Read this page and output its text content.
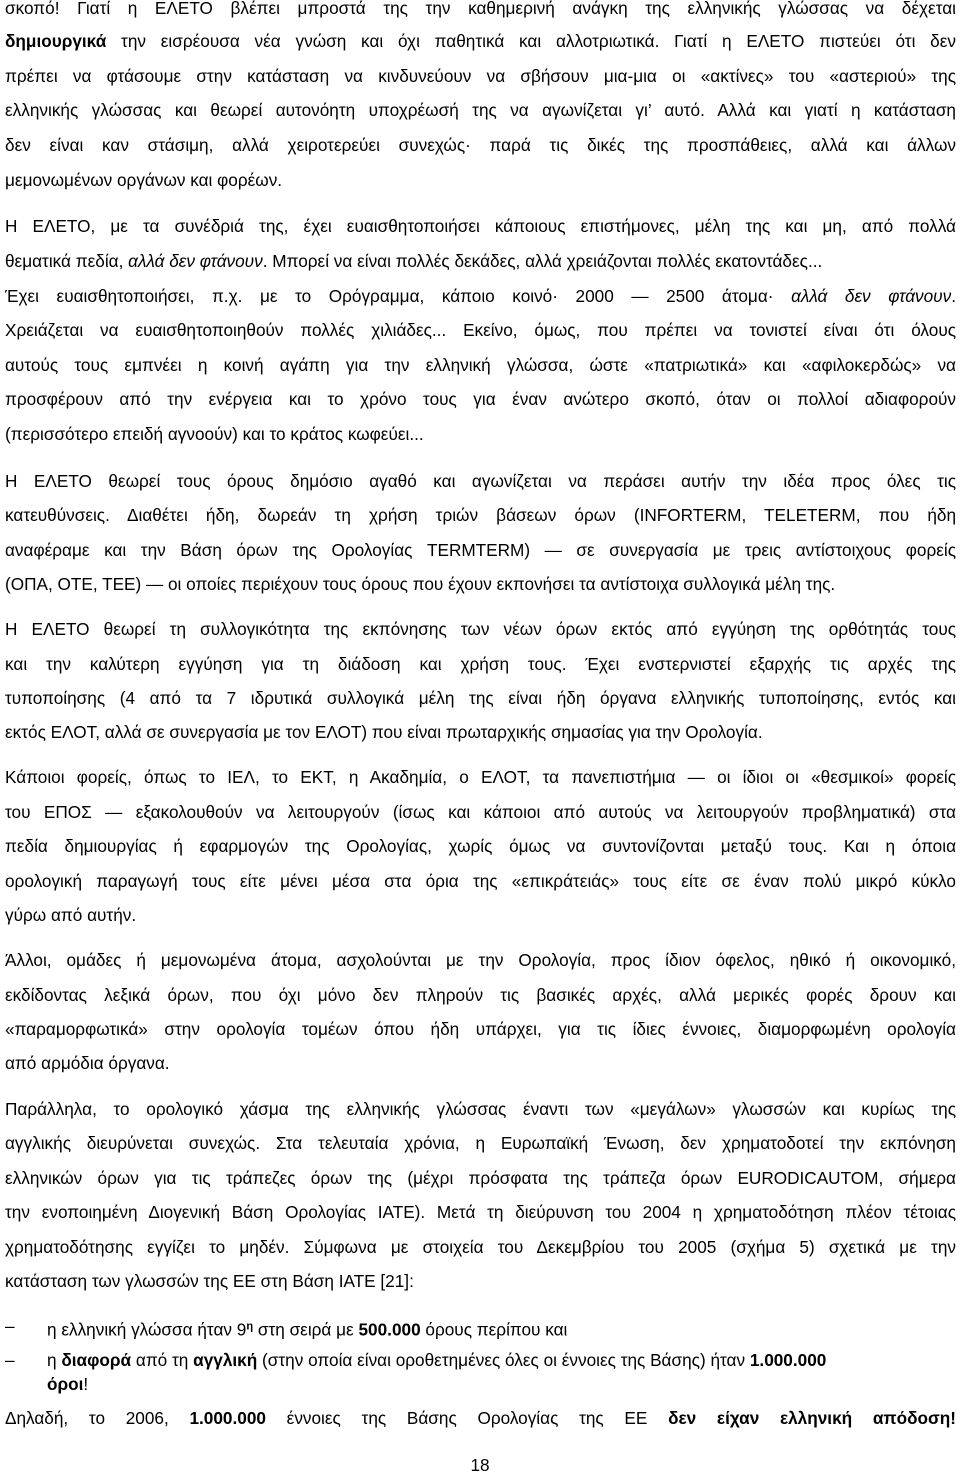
σκοπό! Γιατί η ΕΛΕΤΟ βλέπει μπροστά της την καθημερινή ανάγκη της ελληνικής γλώσσας να δέχεται
δημιουργικά την εισρέουσα νέα γνώση και όχι παθητικά και αλλοτριωτικά. Γιατί η ΕΛΕΤΟ πιστεύει ότι δεν
πρέπει να φτάσουμε στην κατάσταση να κινδυνεύουν να σβήσουν μια-μια οι «ακτίνες» του «αστεριού» της
ελληνικής γλώσσας και θεωρεί αυτονόητη υποχρέωσή της να αγωνίζεται γι’ αυτό. Αλλά και γιατί η κατάσταση
δεν είναι καν στάσιμη, αλλά χειροτερεύει συνεχώς· παρά τις δικές της προσπάθειες, αλλά και άλλων
μεμονωμένων οργάνων και φορέων.
Η ΕΛΕΤΟ, με τα συνέδριά της, έχει ευαισθητοποιήσει κάποιους επιστήμονες, μέλη της και μη, από πολλά
θεματικά πεδία, αλλά δεν φτάνουν. Μπορεί να είναι πολλές δεκάδες, αλλά χρειάζονται πολλές εκατοντάδες...
Έχει ευαισθητοποιήσει, π.χ. με το Ορόγραμμα, κάποιο κοινό· 2000 — 2500 άτομα· αλλά δεν φτάνουν.
Χρειάζεται να ευαισθητοποιηθούν πολλές χιλιάδες... Εκείνο, όμως, που πρέπει να τονιστεί είναι ότι όλους
αυτούς τους εμπνέει η κοινή αγάπη για την ελληνική γλώσσα, ώστε «πατριωτικά» και «αφιλοκερδώς» να
προσφέρουν από την ενέργεια και το χρόνο τους για έναν ανώτερο σκοπό, όταν οι πολλοί αδιαφορούν
(περισσότερο επειδή αγνοούν) και το κράτος κωφεύει...
Η ΕΛΕΤΟ θεωρεί τους όρους δημόσιο αγαθό και αγωνίζεται να περάσει αυτήν την ιδέα προς όλες τις
κατευθύνσεις. Διαθέτει ήδη, δωρεάν τη χρήση τριών βάσεων όρων (INFORTERM, TELETERM, που ήδη
αναφέραμε και την Βάση όρων της Ορολογίας TERMTERM) — σε συνεργασία με τρεις αντίστοιχους φορείς
(ΟΠΑ, ΟΤΕ, ΤΕΕ) — οι οποίες περιέχουν τους όρους που έχουν εκπονήσει τα αντίστοιχα συλλογικά μέλη της.
Η ΕΛΕΤΟ θεωρεί τη συλλογικότητα της εκπόνησης των νέων όρων εκτός από εγγύηση της ορθότητάς τους
και την καλύτερη εγγύηση για τη διάδοση και χρήση τους. Έχει ενστερνιστεί εξαρχής τις αρχές της
τυποποίησης (4 από τα 7 ιδρυτικά συλλογικά μέλη της είναι ήδη όργανα ελληνικής τυποποίησης, εντός και
εκτός ΕΛΟΤ, αλλά σε συνεργασία με τον ΕΛΟΤ) που είναι πρωταρχικής σημασίας για την Ορολογία.
Κάποιοι φορείς, όπως το ΙΕΛ, το ΕΚΤ, η Ακαδημία, ο ΕΛΟΤ, τα πανεπιστήμια — οι ίδιοι οι «θεσμικοί» φορείς
του ΕΠΟΣ — εξακολουθούν να λειτουργούν (ίσως και κάποιοι από αυτούς να λειτουργούν προβληματικά) στα
πεδία δημιουργίας ή εφαρμογών της Ορολογίας, χωρίς όμως να συντονίζονται μεταξύ τους. Και η όποια
ορολογική παραγωγή τους είτε μένει μέσα στα όρια της «επικράτειάς» τους είτε σε έναν πολύ μικρό κύκλο
γύρω από αυτήν.
Άλλοι, ομάδες ή μεμονωμένα άτομα, ασχολούνται με την Ορολογία, προς ίδιον όφελος, ηθικό ή οικονομικό,
εκδίδοντας λεξικά όρων, που όχι μόνο δεν πληρούν τις βασικές αρχές, αλλά μερικές φορές δρουν και
«παραμορφωτικά» στην ορολογία τομέων όπου ήδη υπάρχει, για τις ίδιες έννοιες, διαμορφωμένη ορολογία
από αρμόδια όργανα.
Παράλληλα, το ορολογικό χάσμα της ελληνικής γλώσσας έναντι των «μεγάλων» γλωσσών και κυρίως της
αγγλικής διευρύνεται συνεχώς. Στα τελευταία χρόνια, η Ευρωπαϊκή Ένωση, δεν χρηματοδοτεί την εκπόνηση
ελληνικών όρων για τις τράπεζες όρων της (μέχρι πρόσφατα της τράπεζα όρων EURODICAUTOM, σήμερα
την ενοποιημένη Διογενική Βάση Ορολογίας ΙΑΤΕ). Μετά τη διεύρυνση του 2004 η χρηματοδότηση πλέον τέτοιας
χρηματοδότησης εγγίζει το μηδέν. Σύμφωνα με στοιχεία του Δεκεμβρίου του 2005 (σχήμα 5) σχετικά με την
κατάσταση των γλωσσών της ΕΕ στη Βάση ΙΑΤΕ [21]:
– η ελληνική γλώσσα ήταν $9^\eta$ στη σειρά με 500.000 όρους περίπου και
– η διαφορά από τη αγγλική (στην οποία είναι οροθετημένες όλες οι έννοιες της Βάσης) ήταν 1.000.000
όροι!
Δηλαδή, το 2006, 1.000.000 έννοιες της Βάσης Ορολογίας της ΕΕ δεν είχαν ελληνική απόδοση!
18
